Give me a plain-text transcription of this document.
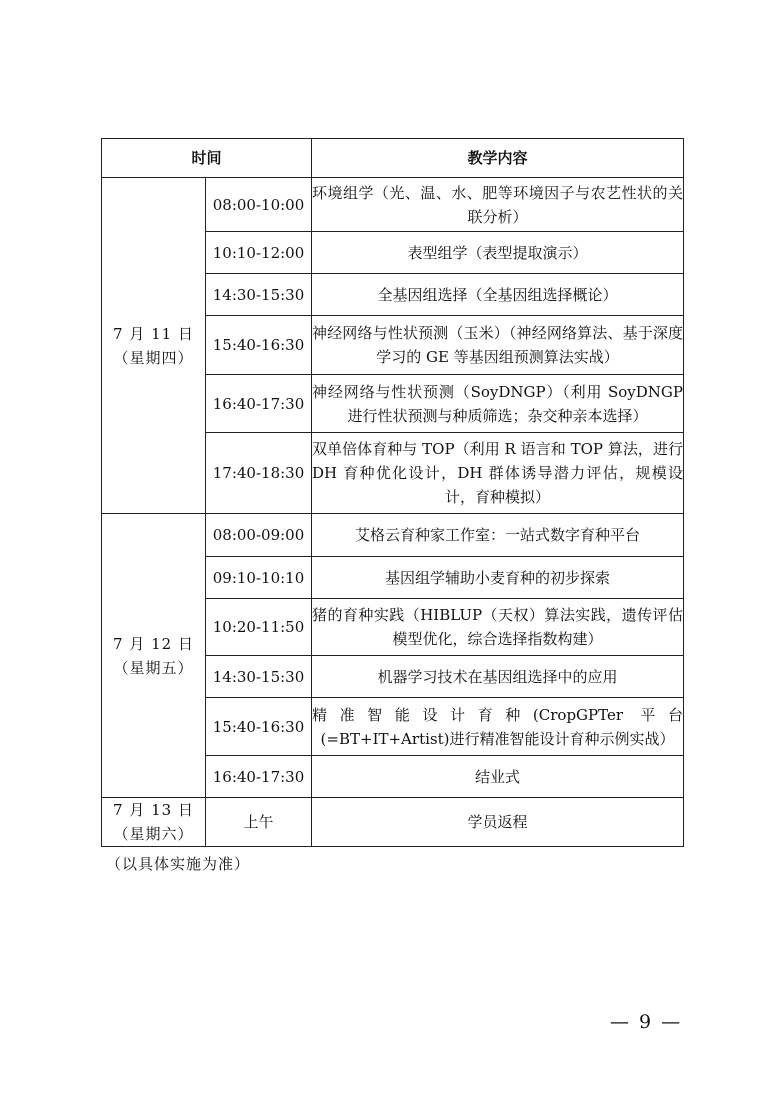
时间		教学内容

7 月 11 日
（星期四）	08:00-10:00	环境组学（光、温、水、肥等环境因子与农艺性状的关联分析）
	10:10-12:00	表型组学（表型提取演示）
	14:30-15:30	全基因组选择（全基因组选择概论）
	15:40-16:30	神经网络与性状预测（玉米）（神经网络算法、基于深度学习的 GE 等基因组预测算法实战）
	16:40-17:30	神经网络与性状预测（SoyDNGP）（利用 SoyDNGP 进行性状预测与种质筛选；杂交种亲本选择）
	17:40-18:30	双单倍体育种与 TOP（利用 R 语言和 TOP 算法，进行 DH 育种优化设计，DH 群体诱导潜力评估，规模设计，育种模拟）

7 月 12 日
（星期五）	08:00-09:00	艾格云育种家工作室：一站式数字育种平台
	09:10-10:10	基因组学辅助小麦育种的初步探索
	10:20-11:50	猪的育种实践（HIBLUP（天权）算法实践，遗传评估模型优化，综合选择指数构建）
	14:30-15:30	机器学习技术在基因组选择中的应用
	15:40-16:30	精准智能设计育种(CropGPTer 平台(=BT+IT+Artist)进行精准智能设计育种示例实战）
	16:40-17:30	结业式

7 月 13 日
（星期六）	上午	学员返程
（以具体实施为准）
— 9 —
